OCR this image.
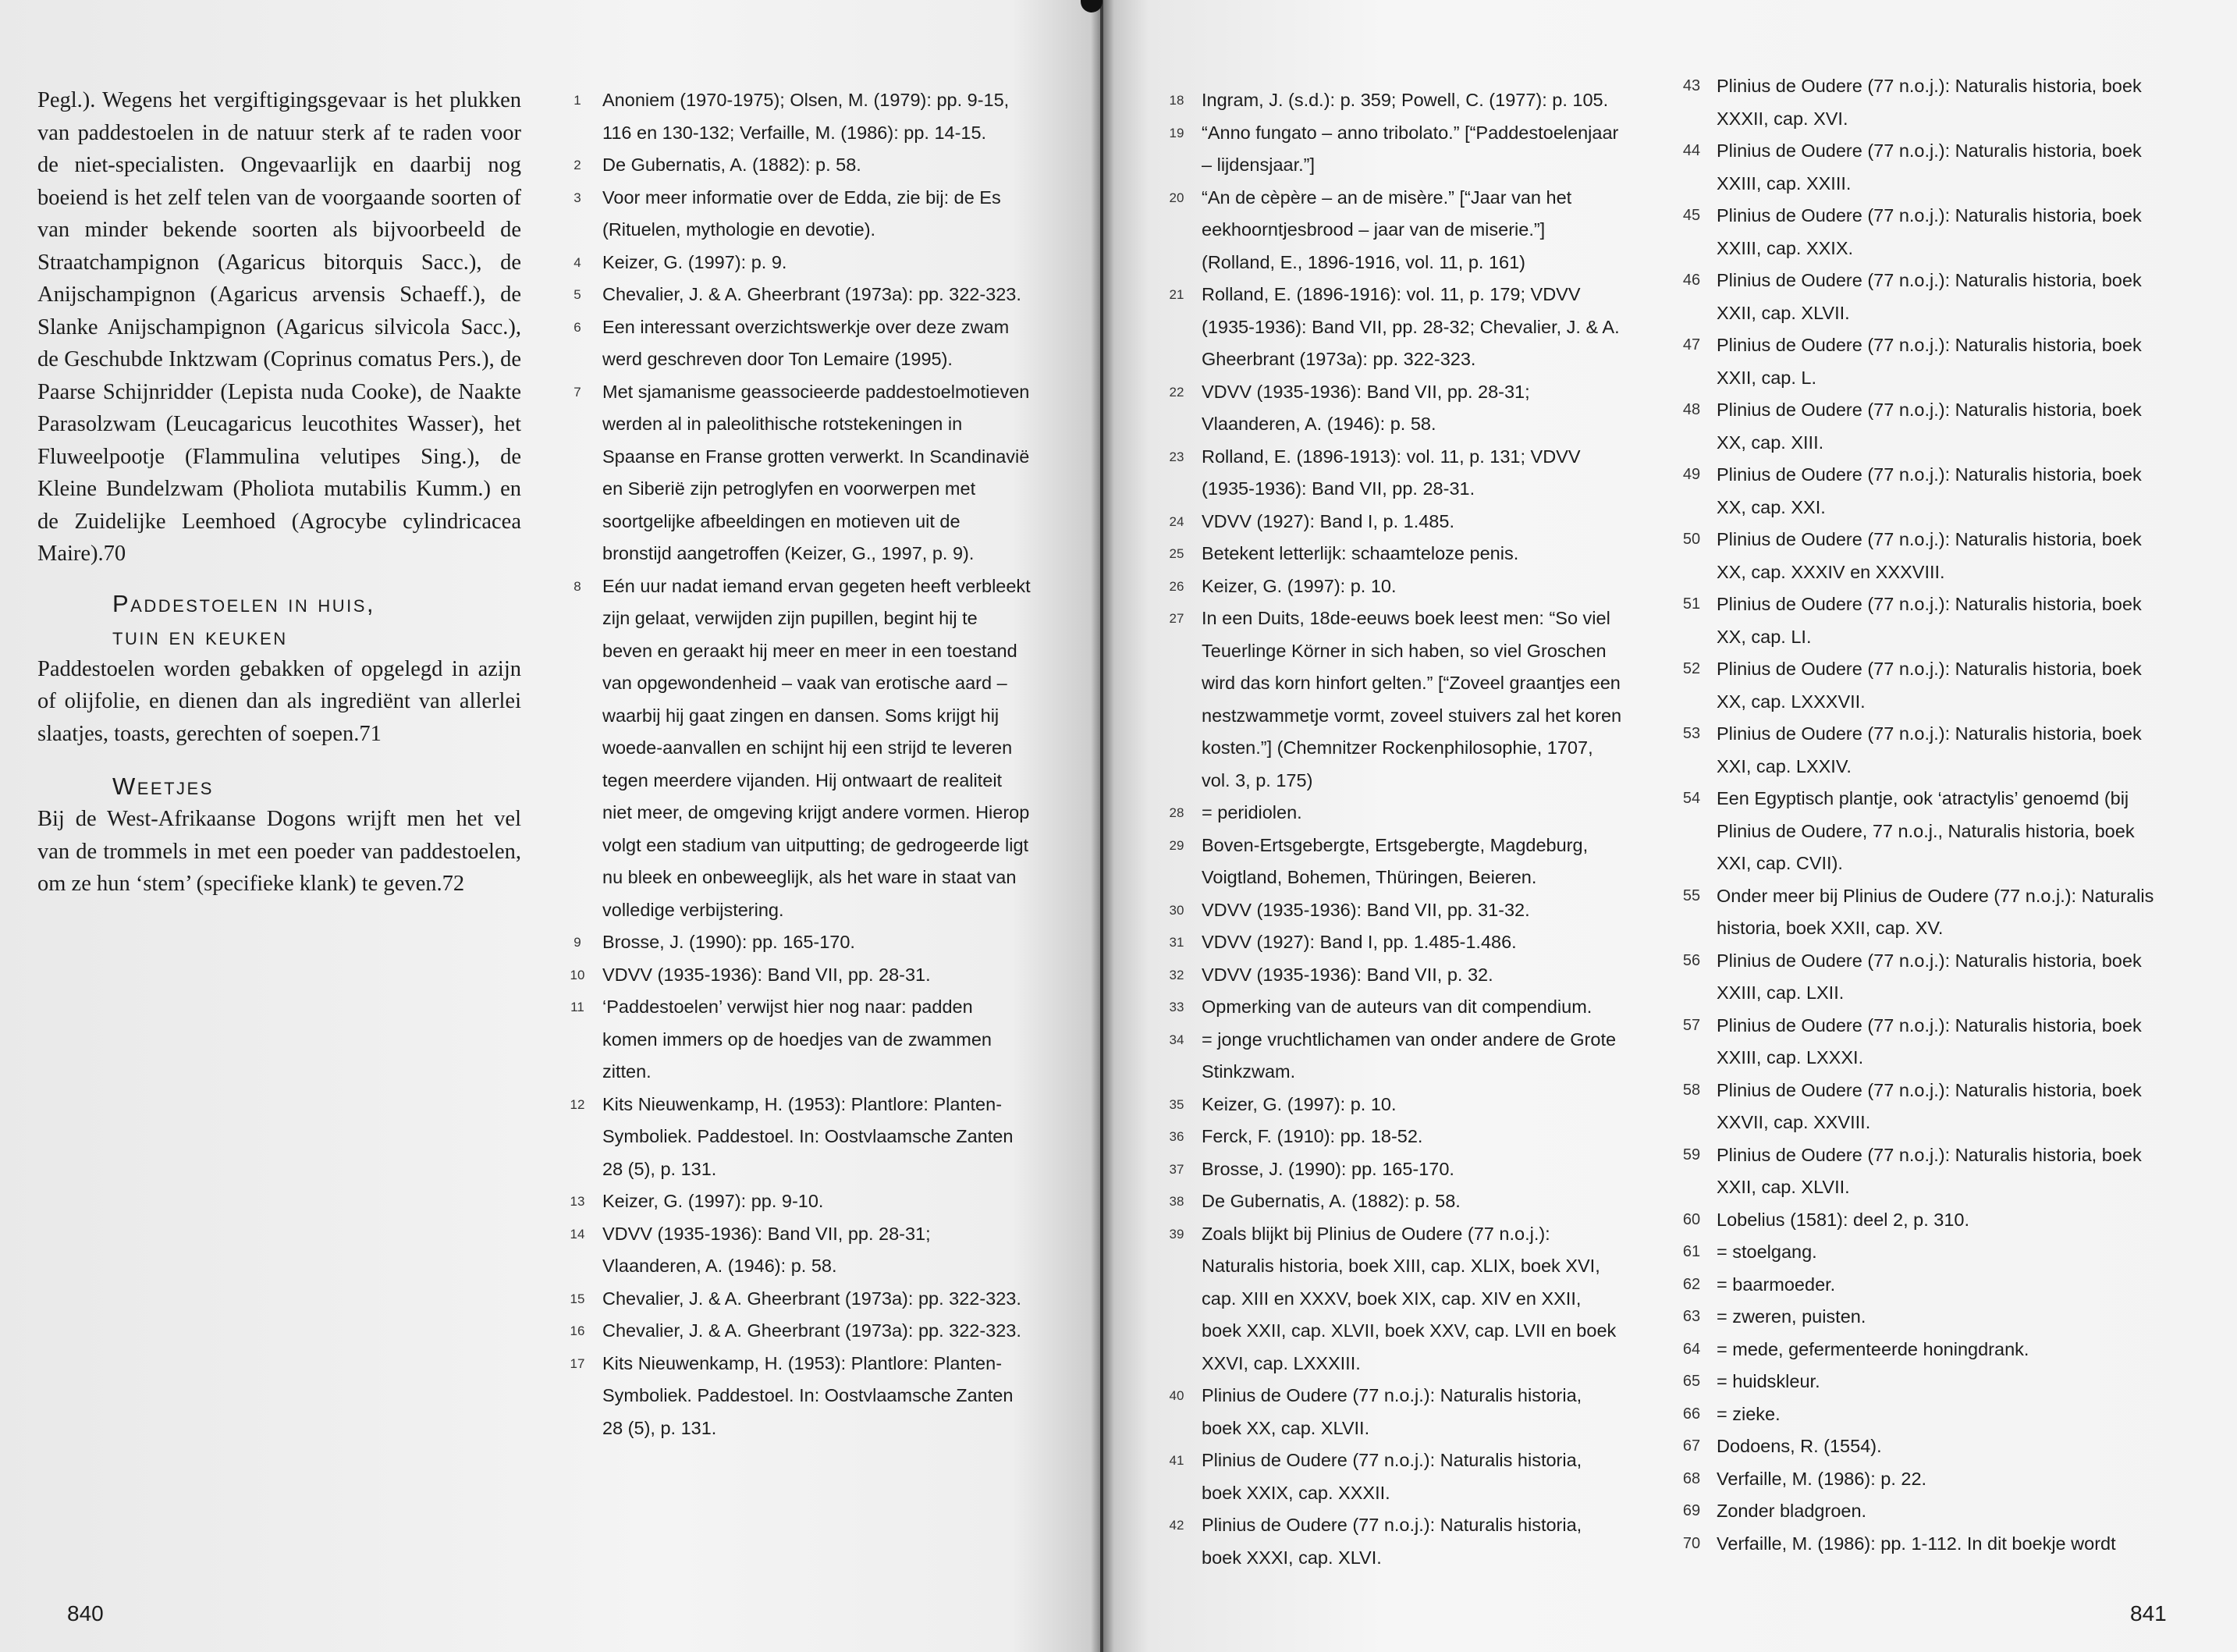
Pegl.). Wegens het vergiftigingsgevaar is het plukken van paddestoelen in de natuur sterk af te raden voor de niet-specialisten. Ongevaarlijk en daarbij nog boeiend is het zelf telen van de voorgaande soorten of van minder bekende soorten als bijvoorbeeld de Straatchampignon (Agaricus bitorquis Sacc.), de Anijschampignon (Agaricus arvensis Schaeff.), de Slanke Anijschampignon (Agaricus silvicola Sacc.), de Geschubde Inktzwam (Coprinus comatus Pers.), de Paarse Schijnridder (Lepista nuda Cooke), de Naakte Parasolzwam (Leucagaricus leucothites Wasser), het Fluweelpootje (Flammulina velutipes Sing.), de Kleine Bundelzwam (Pholiota mutabilis Kumm.) en de Zuidelijke Leemhoed (Agrocybe cylindricacea Maire).70

Paddestoelen in huis,
tuin en keuken

Paddestoelen worden gebakken of opgelegd in azijn of olijfolie, en dienen dan als ingrediënt van allerlei slaatjes, toasts, gerechten of soepen.71

Weetjes

Bij de West-Afrikaanse Dogons wrijft men het vel van de trommels in met een poeder van paddestoelen, om ze hun ‘stem’ (specifieke klank) te geven.72

1	Anoniem (1970-1975); Olsen, M. (1979): pp. 9-15, 116 en 130-132; Verfaille, M. (1986): pp. 14-15.
2	De Gubernatis, A. (1882): p. 58.
3	Voor meer informatie over de Edda, zie bij: de Es (Rituelen, mythologie en devotie).
4	Keizer, G. (1997): p. 9.
5	Chevalier, J. & A. Gheerbrant (1973a): pp. 322-323.
6	Een interessant overzichtswerkje over deze zwam werd geschreven door Ton Lemaire (1995).
7	Met sjamanisme geassocieerde paddestoelmotieven werden al in paleolithische rotstekeningen in Spaanse en Franse grotten verwerkt. In Scandinavië en Siberië zijn petroglyfen en voorwerpen met soortgelijke afbeeldingen en motieven uit de bronstijd aangetroffen (Keizer, G., 1997, p. 9).
8	Eén uur nadat iemand ervan gegeten heeft verbleekt zijn gelaat, verwijden zijn pupillen, begint hij te beven en geraakt hij meer en meer in een toestand van opgewondenheid – vaak van erotische aard – waarbij hij gaat zingen en dansen. Soms krijgt hij woede-aanvallen en schijnt hij een strijd te leveren tegen meerdere vijanden. Hij ontwaart de realiteit niet meer, de omgeving krijgt andere vormen. Hierop volgt een stadium van uitputting; de gedrogeerde ligt nu bleek en onbeweeglijk, als het ware in staat van volledige verbijstering.
9	Brosse, J. (1990): pp. 165-170.
10 VDVV (1935-1936): Band VII, pp. 28-31.
11 ‘Paddestoelen’ verwijst hier nog naar: padden komen immers op de hoedjes van de zwammen zitten.
12 Kits Nieuwenkamp, H. (1953): Plantlore: Planten-Symboliek. Paddestoel. In: Oostvlaamsche Zanten 28 (5), p. 131.
13 Keizer, G. (1997): pp. 9-10.
14 VDVV (1935-1936): Band VII, pp. 28-31; Vlaanderen, A. (1946): p. 58.
15 Chevalier, J. & A. Gheerbrant (1973a): pp. 322-323.
16 Chevalier, J. & A. Gheerbrant (1973a): pp. 322-323.
17 Kits Nieuwenkamp, H. (1953): Plantlore: Planten-Symboliek. Paddestoel. In: Oostvlaamsche Zanten 28 (5), p. 131.
840
18 Ingram, J. (s.d.): p. 359; Powell, C. (1977): p. 105.
19 “Anno fungato – anno tribolato.” [“Paddestoelenjaar – lijdensjaar.”]
20 “An de cèpère – an de misère.” [“Jaar van het eekhoorntjesbrood – jaar van de miserie.”] (Rolland, E., 1896-1916, vol. 11, p. 161)
21 Rolland, E. (1896-1916): vol. 11, p. 179; VDVV (1935-1936): Band VII, pp. 28-32; Chevalier, J. & A. Gheerbrant (1973a): pp. 322-323.
22 VDVV (1935-1936): Band VII, pp. 28-31; Vlaanderen, A. (1946): p. 58.
23 Rolland, E. (1896-1913): vol. 11, p. 131; VDVV (1935-1936): Band VII, pp. 28-31.
24 VDVV (1927): Band I, p. 1.485.
25 Betekent letterlijk: schaamteloze penis.
26 Keizer, G. (1997): p. 10.
27 In een Duits, 18de-eeuws boek leest men: “So viel Teuerlinge Körner in sich haben, so viel Groschen wird das korn hinfort gelten.” [“Zoveel graantjes een nestzwammetje vormt, zoveel stuivers zal het koren kosten.”] (Chemnitzer Rockenphilosophie, 1707, vol. 3, p. 175)
28 = peridiolen.
29 Boven-Ertsgebergte, Ertsgebergte, Magdeburg, Voigtland, Bohemen, Thüringen, Beieren.
30 VDVV (1935-1936): Band VII, pp. 31-32.
31 VDVV (1927): Band I, pp. 1.485-1.486.
32 VDVV (1935-1936): Band VII, p. 32.
33 Opmerking van de auteurs van dit compendium.
34 = jonge vruchtlichamen van onder andere de Grote Stinkzwam.
35 Keizer, G. (1997): p. 10.
36 Ferck, F. (1910): pp. 18-52.
37 Brosse, J. (1990): pp. 165-170.
38 De Gubernatis, A. (1882): p. 58.
39 Zoals blijkt bij Plinius de Oudere (77 n.o.j.): Naturalis historia, boek XIII, cap. XLIX, boek XVI, cap. XIII en XXXV, boek XIX, cap. XIV en XXII, boek XXII, cap. XLVII, boek XXV, cap. LVII en boek XXVI, cap. LXXXIII.
40 Plinius de Oudere (77 n.o.j.): Naturalis historia, boek XX, cap. XLVII.
41 Plinius de Oudere (77 n.o.j.): Naturalis historia, boek XXIX, cap. XXXII.
42 Plinius de Oudere (77 n.o.j.): Naturalis historia, boek XXXI, cap. XLVI.
43 Plinius de Oudere (77 n.o.j.): Naturalis historia, boek XXXII, cap. XVI.
44 Plinius de Oudere (77 n.o.j.): Naturalis historia, boek XXIII, cap. XXIII.
45 Plinius de Oudere (77 n.o.j.): Naturalis historia, boek XXIII, cap. XXIX.
46 Plinius de Oudere (77 n.o.j.): Naturalis historia, boek XXII, cap. XLVII.
47 Plinius de Oudere (77 n.o.j.): Naturalis historia, boek XXII, cap. L.
48 Plinius de Oudere (77 n.o.j.): Naturalis historia, boek XX, cap. XIII.
49 Plinius de Oudere (77 n.o.j.): Naturalis historia, boek XX, cap. XXI.
50 Plinius de Oudere (77 n.o.j.): Naturalis historia, boek XX, cap. XXXIV en XXXVIII.
51 Plinius de Oudere (77 n.o.j.): Naturalis historia, boek XX, cap. LI.
52 Plinius de Oudere (77 n.o.j.): Naturalis historia, boek XX, cap. LXXXVII.
53 Plinius de Oudere (77 n.o.j.): Naturalis historia, boek XXI, cap. LXXIV.
54 Een Egyptisch plantje, ook ‘atractylis’ genoemd (bij Plinius de Oudere, 77 n.o.j., Naturalis historia, boek XXI, cap. CVII).
55 Onder meer bij Plinius de Oudere (77 n.o.j.): Naturalis historia, boek XXII, cap. XV.
56 Plinius de Oudere (77 n.o.j.): Naturalis historia, boek XXIII, cap. LXII.
57 Plinius de Oudere (77 n.o.j.): Naturalis historia, boek XXIII, cap. LXXXI.
58 Plinius de Oudere (77 n.o.j.): Naturalis historia, boek XXVII, cap. XXVIII.
59 Plinius de Oudere (77 n.o.j.): Naturalis historia, boek XXII, cap. XLVII.
60 Lobelius (1581): deel 2, p. 310.
61 = stoelgang.
62 = baarmoeder.
63 = zweren, puisten.
64 = mede, gefermenteerde honingdrank.
65 = huidskleur.
66 = zieke.
67 Dodoens, R. (1554).
68 Verfaille, M. (1986): p. 22.
69 Zonder bladgroen.
70 Verfaille, M. (1986): pp. 1-112. In dit boekje wordt
841
